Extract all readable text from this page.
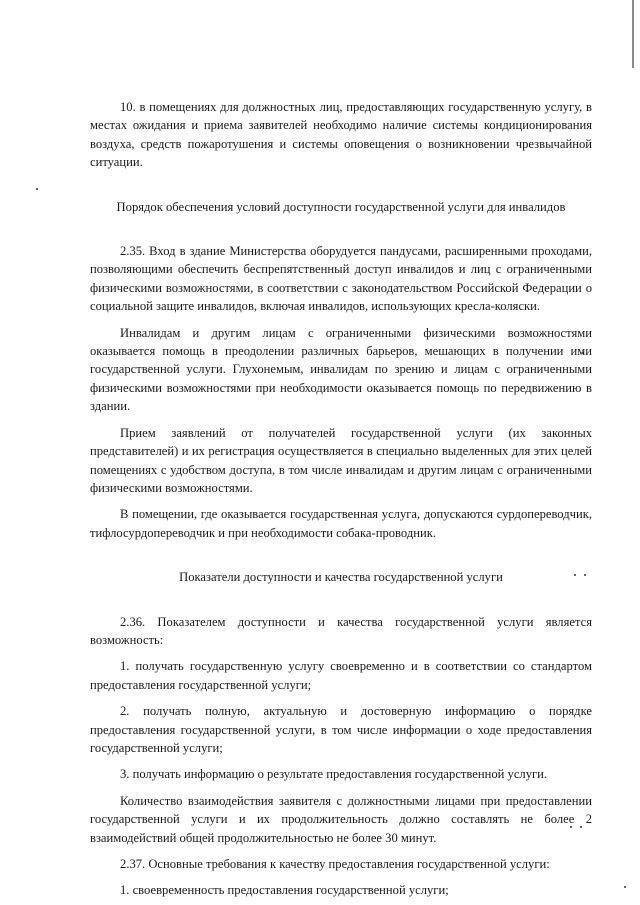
10. в помещениях для должностных лиц, предоставляющих государственную услугу, в местах ожидания и приема заявителей необходимо наличие системы кондиционирования воздуха, средств пожаротушения и системы оповещения о возникновении чрезвычайной ситуации.

Порядок обеспечения условий доступности государственной услуги для инвалидов

2.35. Вход в здание Министерства оборудуется пандусами, расширенными проходами, позволяющими обеспечить беспрепятственный доступ инвалидов и лиц с ограниченными физическими возможностями, в соответствии с законодательством Российской Федерации о социальной защите инвалидов, включая инвалидов, использующих кресла-коляски.

Инвалидам и другим лицам с ограниченными физическими возможностями оказывается помощь в преодолении различных барьеров, мешающих в получении ими государственной услуги. Глухонемым, инвалидам по зрению и лицам с ограниченными физическими возможностями при необходимости оказывается помощь по передвижению в здании.

Прием заявлений от получателей государственной услуги (их законных представителей) и их регистрация осуществляется в специально выделенных для этих целей помещениях с удобством доступа, в том числе инвалидам и другим лицам с ограниченными физическими возможностями.

В помещении, где оказывается государственная услуга, допускаются сурдопереводчик, тифлосурдопереводчик и при необходимости собака-проводник.

Показатели доступности и качества государственной услуги

2.36. Показателем доступности и качества государственной услуги является возможность:

1. получать государственную услугу своевременно и в соответствии со стандартом предоставления государственной услуги;

2. получать полную, актуальную и достоверную информацию о порядке предоставления государственной услуги, в том числе информации о ходе предоставления государственной услуги;

3. получать информацию о результате предоставления государственной услуги.

Количество взаимодействия заявителя с должностными лицами при предоставлении государственной услуги и их продолжительность должно составлять не более 2 взаимодействий общей продолжительностью не более 30 минут.

2.37. Основные требования к качеству предоставления государственной услуги:

1. своевременность предоставления государственной услуги;
